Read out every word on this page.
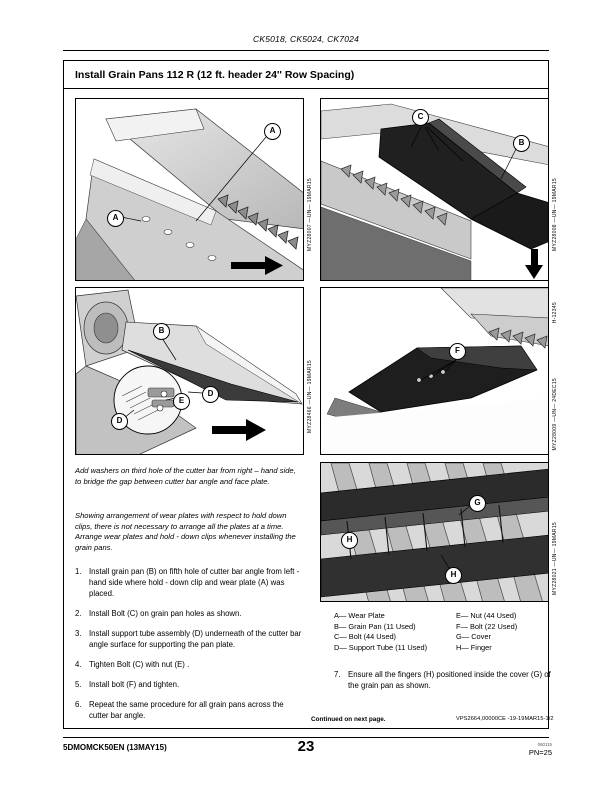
CK5018, CK5024, CK7024
Install Grain Pans 112 R (12 ft. header 24'' Row Spacing)
A
A	MYZ28007 —UN— 19MAR15
C
B
MYZ28008 —UN— 19MAR15
B
E
D
D	MYZ28466 —UN— 19MAR15
F
MYZ28009 —UN— 24DEC15
H-12345
G
H
H	MYZ28021 —UN— 19MAR15
Add washers on third hole of the cutter bar from right – hand side, to bridge the gap between cutter bar angle and face plate.
Showing arrangement of wear plates with respect to hold down clips, there is not necessary to arrange all the plates at a time. Arrange wear plates and hold - down clips whenever installing the grain pans.
1. Install grain pan (B) on fifth hole of cutter bar angle from left - hand side where hold - down clip and wear plate (A) was placed.
2. Install Bolt (C) on grain pan holes as shown.
3. Install support tube assembly (D) underneath of the cutter bar angle surface for supporting the pan plate.
4. Tighten Bolt (C) with nut (E) .
5. Install bolt (F) and tighten.
6. Repeat the same procedure for all grain pans across the cutter bar angle.
A— Wear Plate
B— Grain Pan (11 Used)
C— Bolt (44 Used)
D— Support Tube (11 Used)
E— Nut (44 Used)
F— Bolt (22 Used)
G— Cover
H— Finger
7. Ensure all the fingers (H) positioned inside the cover (G) of the grain pan as shown.
Continued on next page.	VPS2664,00000CE -19-19MAR15-1/2
5DMOMCK50EN (13MAY15)	23	060115
PN=25
